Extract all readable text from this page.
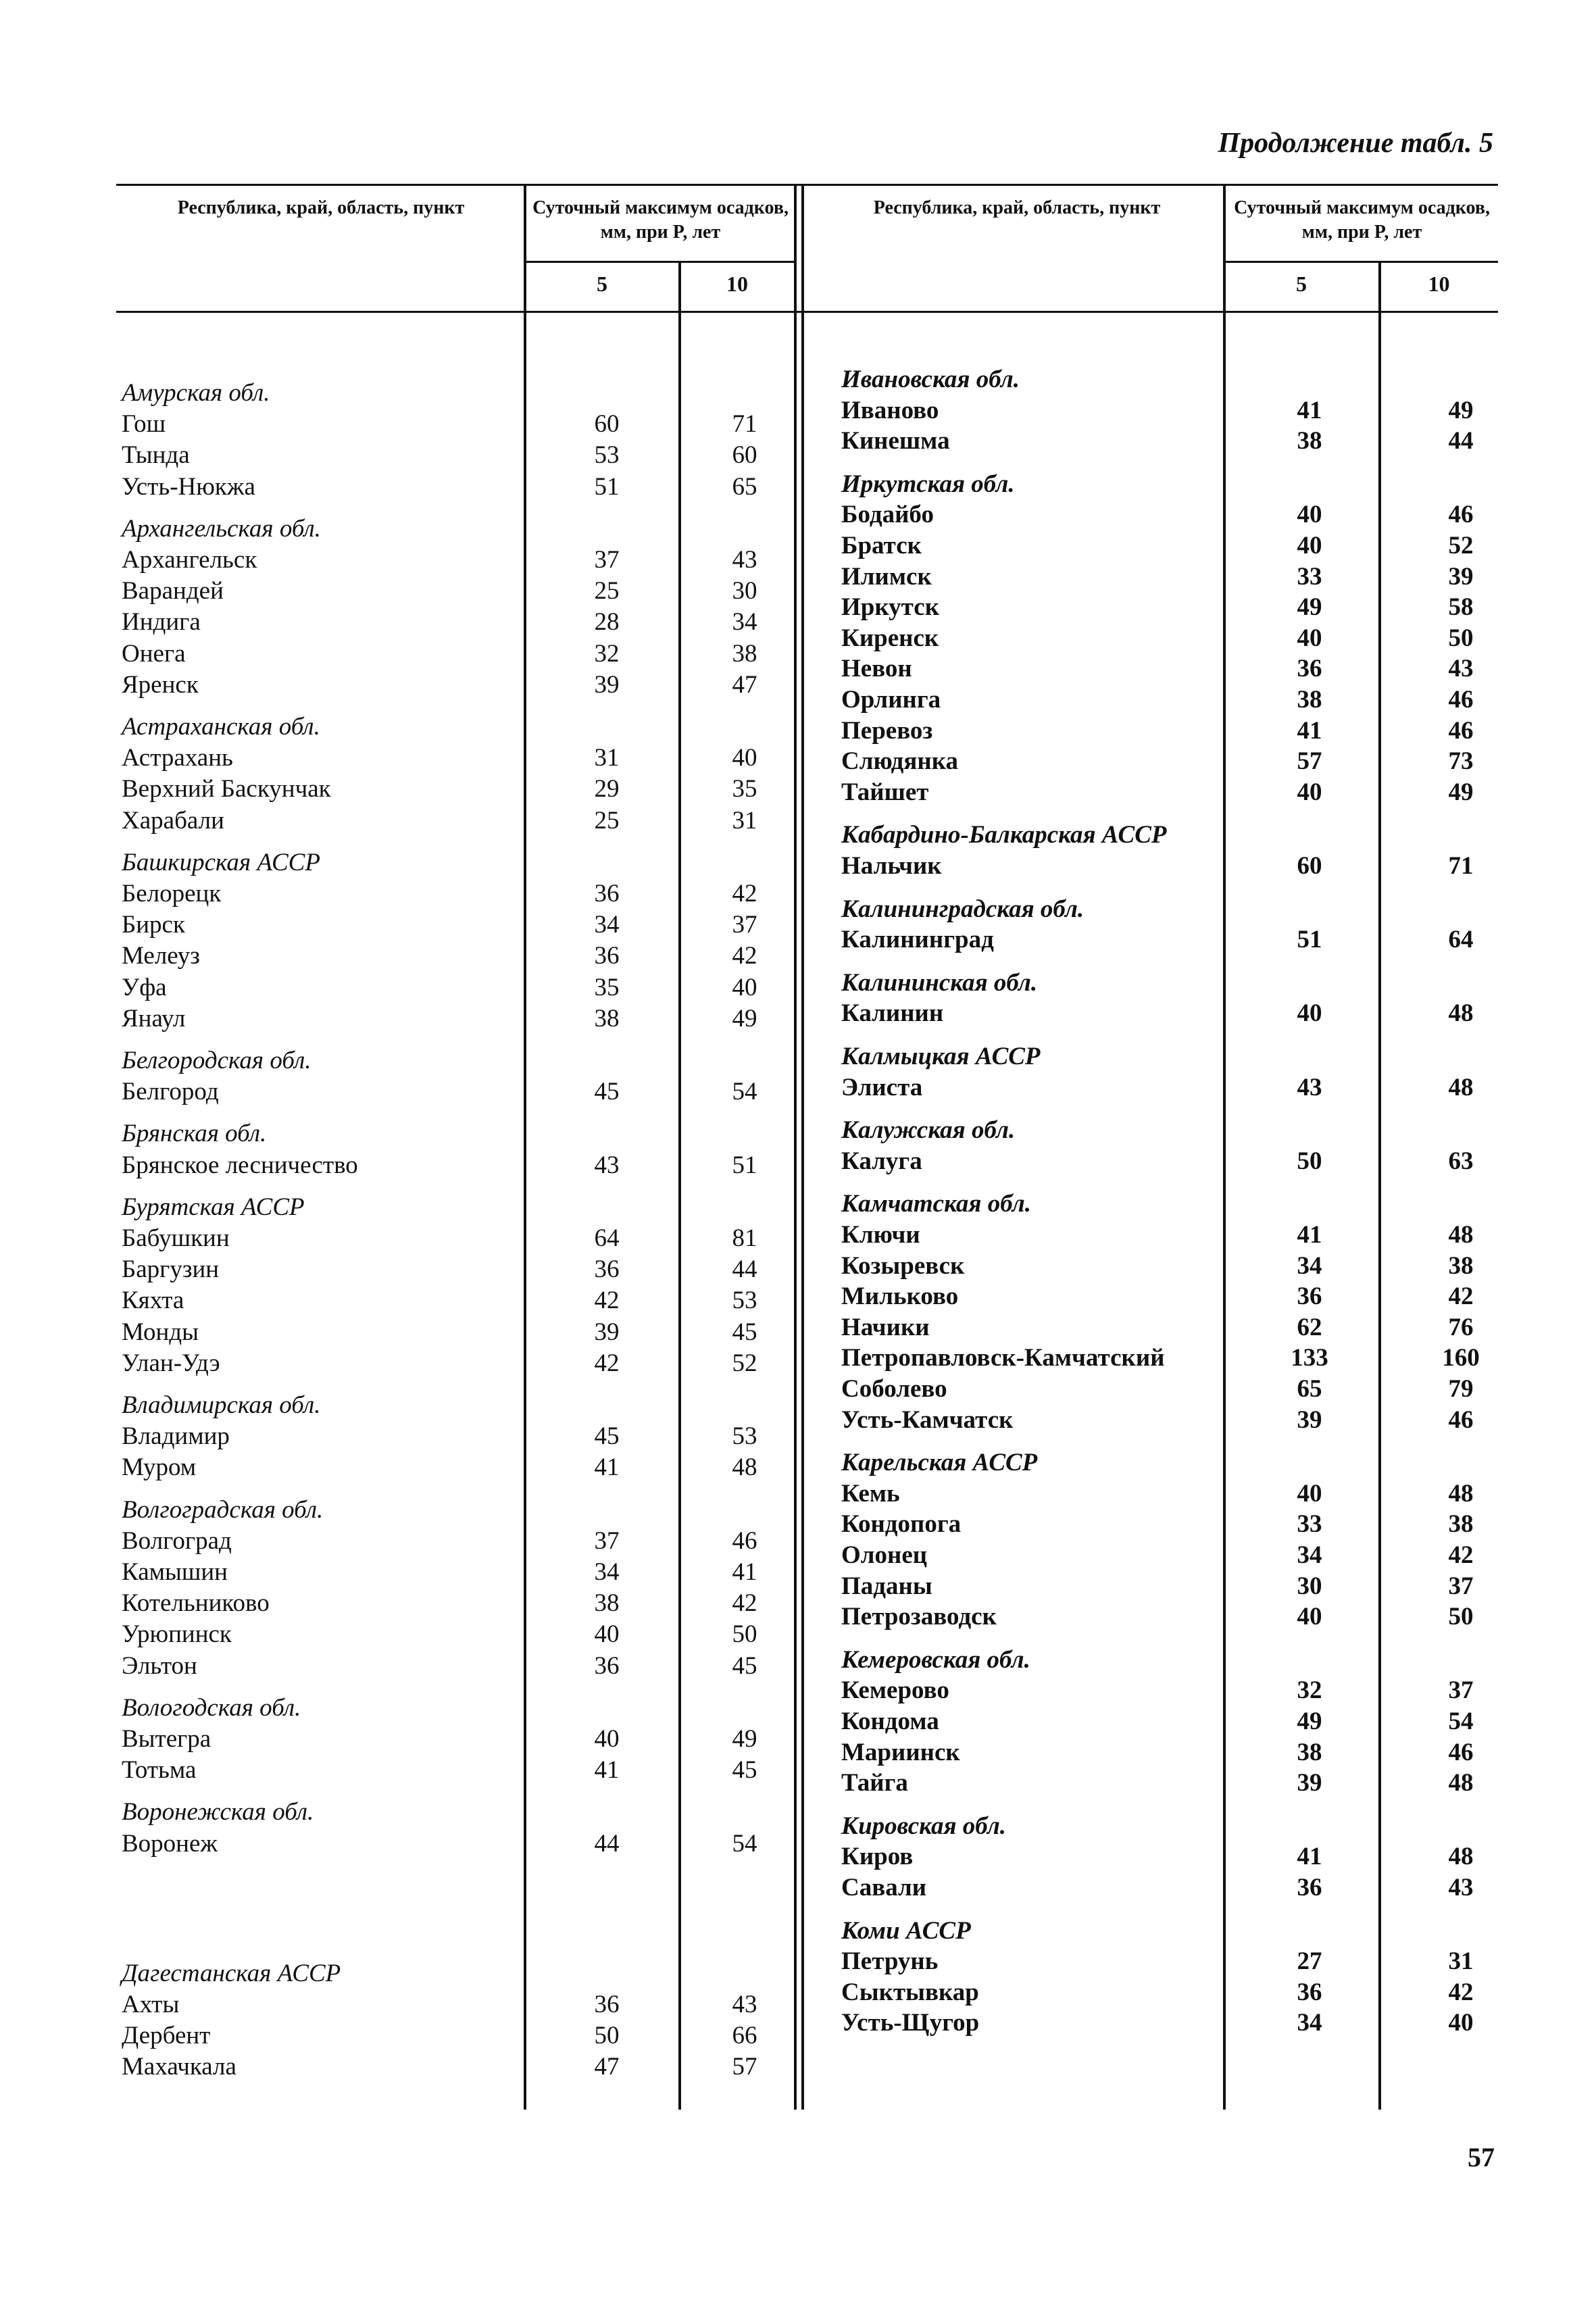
Продолжение табл. 5
Республика, край, область, пункт	Суточный максимум осадков, мм, при P, лет
Республика, край, область, пункт	Суточный максимум осадков, мм, при P, лет
5	10	5	10
Амурская обл.
Гош	60	71
Тында	53	60
Усть-Нюкжа	51	65
Архангельская обл.
Архангельск	37	43
Варандей	25	30
Индига	28	34
Онега	32	38
Яренск	39	47
Астраханская обл.
Астрахань	31	40
Верхний Баскунчак	29	35
Харабали	25	31
Башкирская АССР
Белорецк	36	42
Бирск	34	37
Мелеуз	36	42
Уфа	35	40
Янаул	38	49
Белгородская обл.
Белгород	45	54
Брянская обл.
Брянское лесничество	43	51
Бурятская АССР
Бабушкин	64	81
Баргузин	36	44
Кяхта	42	53
Монды	39	45
Улан-Удэ	42	52
Владимирская обл.
Владимир	45	53
Муром	41	48
Волгоградская обл.
Волгоград	37	46
Камышин	34	41
Котельниково	38	42
Урюпинск	40	50
Эльтон	36	45
Вологодская обл.
Вытегра	40	49
Тотьма	41	45
Воронежская обл.
Воронеж	44	54
Дагестанская АССР
Ахты	36	43
Дербент	50	66
Махачкала	47	57
Ивановская обл.
Иваново	41	49
Кинешма	38	44
Иркутская обл.
Бодайбо	40	46
Братск	40	52
Илимск	33	39
Иркутск	49	58
Киренск	40	50
Невон	36	43
Орлинга	38	46
Перевоз	41	46
Слюдянка	57	73
Тайшет	40	49
Кабардино-Балкарская АССР
Нальчик	60	71
Калининградская обл.
Калининград	51	64
Калининская обл.
Калинин	40	48
Калмыцкая АССР
Элиста	43	48
Калужская обл.
Калуга	50	63
Камчатская обл.
Ключи	41	48
Козыревск	34	38
Мильково	36	42
Начики	62	76
Петропавловск-Камчатский	133	160
Соболево	65	79
Усть-Камчатск	39	46
Карельская АССР
Кемь	40	48
Кондопога	33	38
Олонец	34	42
Паданы	30	37
Петрозаводск	40	50
Кемеровская обл.
Кемерово	32	37
Кондома	49	54
Мариинск	38	46
Тайга	39	48
Кировская обл.
Киров	41	48
Савали	36	43
Коми АССР
Петрунь	27	31
Сыктывкар	36	42
Усть-Щугор	34	40
57
